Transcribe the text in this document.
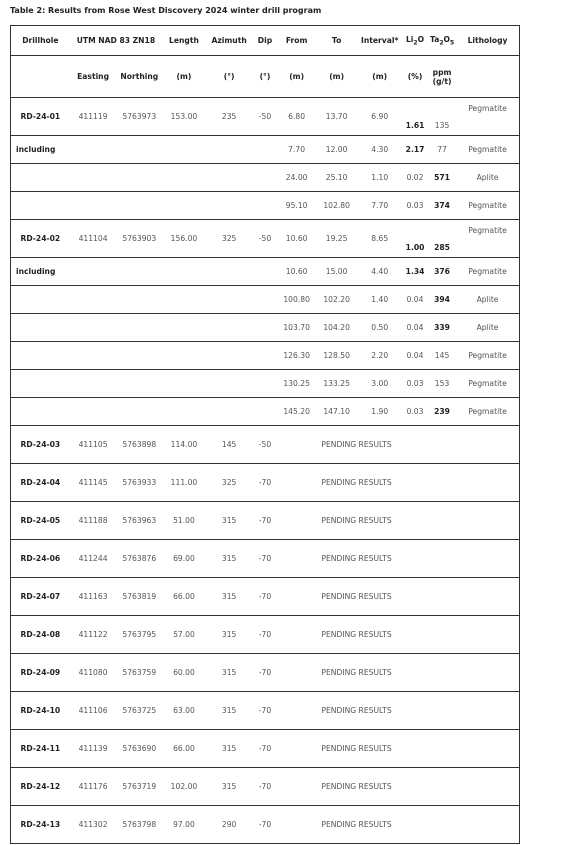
Table 2: Results from Rose West Discovery 2024 winter drill program
Drillhole	UTM NAD 83 ZN18		Length	Azimuth	Dip	From	To	Interval*	$Li_2O$	$Ta_2O_5$	Lithology
	Easting	Northing	(m)	(°)	(°)	(m)	(m)	(m)	(%)	ppm (g/t)	
RD-24-01	411119	5763973	153.00	235	-50	6.80	13.70	6.90	1.61	135	Pegmatite
including						7.70	12.00	4.30	2.17	77	Pegmatite
						24.00	25.10	1.10	0.02	571	Aplite
						95.10	102.80	7.70	0.03	374	Pegmatite
RD-24-02	411104	5763903	156.00	325	-50	10.60	19.25	8.65	1.00	285	Pegmatite
including						10.60	15.00	4.40	1.34	376	Pegmatite
						100.80	102.20	1.40	0.04	394	Aplite
						103.70	104.20	0.50	0.04	339	Aplite
						126.30	128.50	2.20	0.04	145	Pegmatite
						130.25	133.25	3.00	0.03	153	Pegmatite
						145.20	147.10	1.90	0.03	239	Pegmatite
RD-24-03	411105	5763898	114.00	145	-50	PENDING RESULTS					
RD-24-04	411145	5763933	111.00	325	-70	PENDING RESULTS					
RD-24-05	411188	5763963	51.00	315	-70	PENDING RESULTS					
RD-24-06	411244	5763876	69.00	315	-70	PENDING RESULTS					
RD-24-07	411163	5763819	66.00	315	-70	PENDING RESULTS					
RD-24-08	411122	5763795	57.00	315	-70	PENDING RESULTS					
RD-24-09	411080	5763759	60.00	315	-70	PENDING RESULTS					
RD-24-10	411106	5763725	63.00	315	-70	PENDING RESULTS					
RD-24-11	411139	5763690	66.00	315	-70	PENDING RESULTS					
RD-24-12	411176	5763719	102.00	315	-70	PENDING RESULTS					
RD-24-13	411302	5763798	97.00	290	-70	PENDING RESULTS					
